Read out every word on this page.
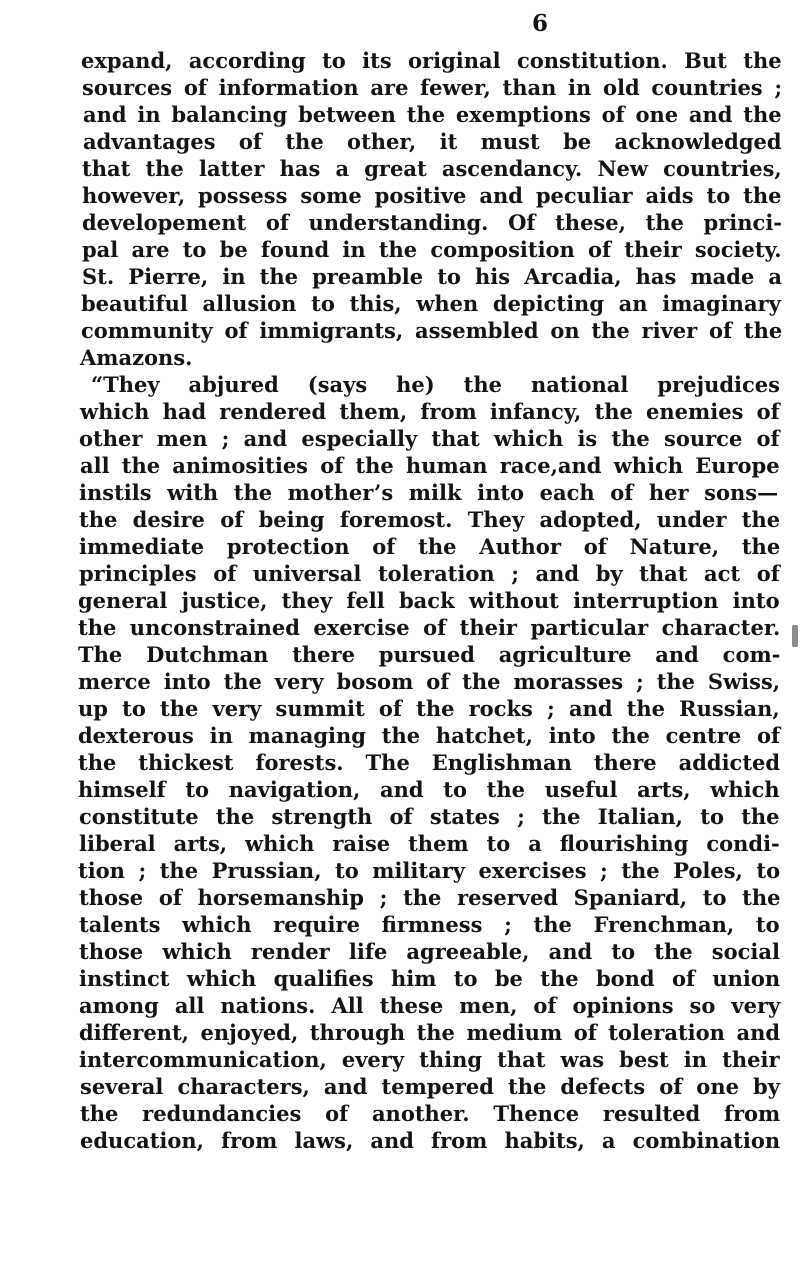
6
expand, according to its original constitution. But the
sources of information are fewer, than in old countries ;
and in balancing between the exemptions of one and the
advantages of the other, it must be acknowledged
that the latter has a great ascendancy. New countries,
however, possess some positive and peculiar aids to the
developement of understanding. Of these, the princi-
pal are to be found in the composition of their society.
St. Pierre, in the preamble to his Arcadia, has made a
beautiful allusion to this, when depicting an imaginary
community of immigrants, assembled on the river of the
Amazons.
“They abjured (says he) the national prejudices
which had rendered them, from infancy, the enemies of
other men ; and especially that which is the source of
all the animosities of the human race,and which Europe
instils with the mother’s milk into each of her sons—
the desire of being foremost. They adopted, under the
immediate protection of the Author of Nature, the
principles of universal toleration ; and by that act of
general justice, they fell back without interruption into
the unconstrained exercise of their particular character.
The Dutchman there pursued agriculture and com-
merce into the very bosom of the morasses ; the Swiss,
up to the very summit of the rocks ; and the Russian,
dexterous in managing the hatchet, into the centre of
the thickest forests. The Englishman there addicted
himself to navigation, and to the useful arts, which
constitute the strength of states ; the Italian, to the
liberal arts, which raise them to a flourishing condi-
tion ; the Prussian, to military exercises ; the Poles, to
those of horsemanship ; the reserved Spaniard, to the
talents which require firmness ; the Frenchman, to
those which render life agreeable, and to the social
instinct which qualifies him to be the bond of union
among all nations. All these men, of opinions so very
different, enjoyed, through the medium of toleration and
intercommunication, every thing that was best in their
several characters, and tempered the defects of one by
the redundancies of another. Thence resulted from
education, from laws, and from habits, a combination
